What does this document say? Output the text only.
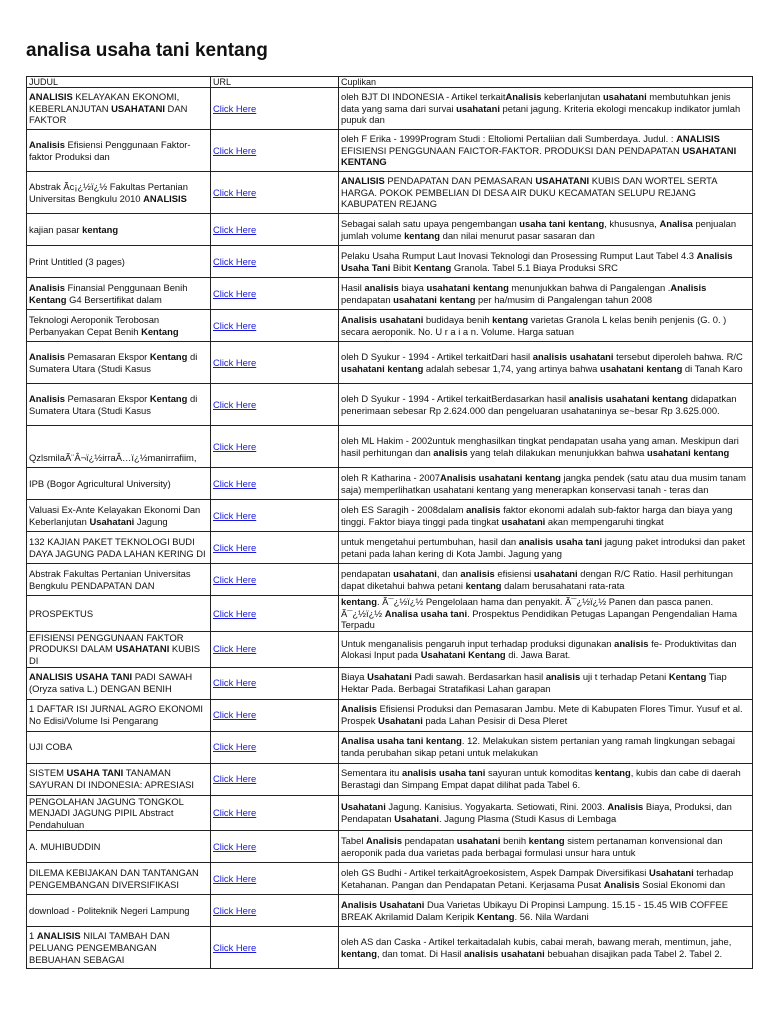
analisa usaha tani kentang
JUDUL	URL	Cuplikan
ANALISIS KELAYAKAN EKONOMI, KEBERLANJUTAN USAHATANI DAN FAKTOR	Click Here	oleh BJT DI INDONESIA - Artikel terkaitAnalisis keberlanjutan usahatani membutuhkan jenis data yang sama dari survai usahatani petani jagung. Kriteria ekologi mencakup indikator jumlah pupuk dan
Analisis Efisiensi Penggunaan Faktor-faktor Produksi dan	Click Here	oleh F Erika - 1999Program Studi : Eltoliomi Pertaliian dali Sumberdaya. Judul. : ANALISIS EFISIENSI PENGGUNAAN FAICTOR-FAKTOR. PRODUKSI DAN PENDAPATAN USAHATANI KENTANG
Abstrak Ãc¡¿½ï¿½ Fakultas Pertanian Universitas Bengkulu 2010 ANALISIS	Click Here	ANALISIS PENDAPATAN DAN PEMASARAN USAHATANI KUBIS DAN WORTEL SERTA HARGA. POKOK PEMBELIAN DI DESA AIR DUKU KECAMATAN SELUPU REJANG KABUPATEN REJANG
kajian pasar kentang	Click Here	Sebagai salah satu upaya pengembangan usaha tani kentang, khususnya, Analisa penjualan jumlah volume kentang dan nilai menurut pasar sasaran dan
Print Untitled (3 pages)	Click Here	Pelaku Usaha Rumput Laut Inovasi Teknologi dan Prosessing Rumput Laut Tabel 4.3 Analisis Usaha Tani Bibit Kentang Granola. Tabel 5.1 Biaya Produksi SRC
Analisis Finansial Penggunaan Benih Kentang G4 Bersertifikat dalam	Click Here	Hasil analisis biaya usahatani kentang menunjukkan bahwa di Pangalengan .Analisis pendapatan usahatani kentang per ha/musim di Pangalengan tahun 2008
Teknologi Aeroponik Terobosan Perbanyakan Cepat Benih Kentang	Click Here	Analisis usahatani budidaya benih kentang varietas Granola L kelas benih penjenis (G. 0. ) secara aeroponik. No. U r a i a n. Volume. Harga satuan
Analisis Pemasaran Ekspor Kentang di Sumatera Utara (Studi Kasus	Click Here	oleh D Syukur - 1994 - Artikel terkaitDari hasil analisis usahatani tersebut diperoleh bahwa. R/C usahatani kentang adalah sebesar 1,74, yang artinya bahwa usahatani kentang di Tanah Karo
Analisis Pemasaran Ekspor Kentang di Sumatera Utara (Studi Kasus	Click Here	oleh D Syukur - 1994 - Artikel terkaitBerdasarkan hasil analisis usahatani kentang didapatkan penerimaan sebesar Rp 2.624.000 dan pengeluaran usahataninya se~besar Rp 3.625.000.

QzlsmilaÃ¨Â¬ï¿½irraÂ…ï¿½manirrafiim,	Click Here	oleh ML Hakim - 2002untuk menghasilkan tingkat pendapatan usaha yang aman. Meskipun dari hasil perhitungan dan analisis yang telah dilakukan menunjukkan bahwa usahatani kentang
IPB (Bogor Agricultural University)	Click Here	oleh R Katharina - 2007Analisis usahatani kentang jangka pendek (satu atau dua musim tanam saja) memperlihatkan usahatani kentang yang menerapkan konservasi tanah - teras dan
Valuasi Ex-Ante Kelayakan Ekonomi Dan Keberlanjutan Usahatani Jagung	Click Here	oleh ES Saragih - 2008dalam analisis faktor ekonomi adalah sub-faktor harga dan biaya yang tinggi. Faktor biaya tinggi pada tingkat usahatani akan mempengaruhi tingkat
132 KAJIAN PAKET TEKNOLOGI BUDI DAYA JAGUNG PADA LAHAN KERING DI	Click Here	untuk mengetahui pertumbuhan, hasil dan analisis usaha tani jagung paket introduksi dan paket petani pada lahan kering di Kota Jambi. Jagung yang
Abstrak Fakultas Pertanian Universitas Bengkulu PENDAPATAN DAN	Click Here	pendapatan usahatani, dan analisis efisiensi usahatani dengan R/C Ratio. Hasil perhitungan dapat diketahui bahwa petani kentang dalam berusahatani rata-rata
PROSPEKTUS	Click Here	kentang. Ã¯¿½ï¿½ Pengelolaan hama dan penyakit. Ã¯¿½ï¿½ Panen dan pasca panen. Ã¯¿½ï¿½ Analisa usaha tani. Prospektus Pendidikan Petugas Lapangan Pengendalian Hama Terpadu
EFISIENSI PENGGUNAAN FAKTOR PRODUKSI DALAM USAHATANI KUBIS DI	Click Here	Untuk menganalisis pengaruh input terhadap produksi digunakan analisis fe- Produktivitas dan Alokasi Input pada Usahatani Kentang di. Jawa Barat.
ANALISIS USAHA TANI PADI SAWAH (Oryza sativa L.) DENGAN BENIH	Click Here	Biaya Usahatani Padi sawah. Berdasarkan hasil analisis uji t terhadap Petani Kentang Tiap Hektar Pada. Berbagai Stratafikasi Lahan garapan
1 DAFTAR ISI JURNAL AGRO EKONOMI No Edisi/Volume Isi Pengarang	Click Here	Analisis Efisiensi Produksi dan Pemasaran Jambu. Mete di Kabupaten Flores Timur. Yusuf et al. Prospek Usahatani pada Lahan Pesisir di Desa Pleret
UJI COBA	Click Here	Analisa usaha tani kentang. 12. Melakukan sistem pertanian yang ramah lingkungan sebagai tanda perubahan sikap petani untuk melakukan
SISTEM USAHA TANI TANAMAN SAYURAN DI INDONESIA: APRESIASI	Click Here	Sementara itu analisis usaha tani sayuran untuk komoditas kentang, kubis dan cabe di daerah Berastagi dan Simpang Empat dapat dilihat pada Tabel 6.
PENGOLAHAN JAGUNG TONGKOL MENJADI JAGUNG PIPIL Abstract Pendahuluan	Click Here	Usahatani Jagung. Kanisius. Yogyakarta. Setiowati, Rini. 2003. Analisis Biaya, Produksi, dan Pendapatan Usahatani. Jagung Plasma (Studi Kasus di Lembaga
A. MUHIBUDDIN	Click Here	Tabel Analisis pendapatan usahatani benih kentang sistem pertanaman konvensional dan aeroponik pada dua varietas pada berbagai formulasi unsur hara untuk
DILEMA KEBIJAKAN DAN TANTANGAN PENGEMBANGAN DIVERSIFIKASI	Click Here	oleh GS Budhi - Artikel terkaitAgroekosistem, Aspek Dampak Diversifikasi Usahatani terhadap Ketahanan. Pangan dan Pendapatan Petani. Kerjasama Pusat Analisis Sosial Ekonomi dan
download - Politeknik Negeri Lampung	Click Here	Analisis Usahatani Dua Varietas Ubikayu Di Propinsi Lampung. 15.15 - 15.45 WIB COFFEE BREAK Akrilamid Dalam Keripik Kentang. 56. Nila Wardani
1 ANALISIS NILAI TAMBAH DAN PELUANG PENGEMBANGAN BEBUAHAN SEBAGAI	Click Here	oleh AS dan Caska - Artikel terkaitadalah kubis, cabai merah, bawang merah, mentimun, jahe, kentang, dan tomat. Di Hasil analisis usahatani bebuahan disajikan pada Tabel 2. Tabel 2.
